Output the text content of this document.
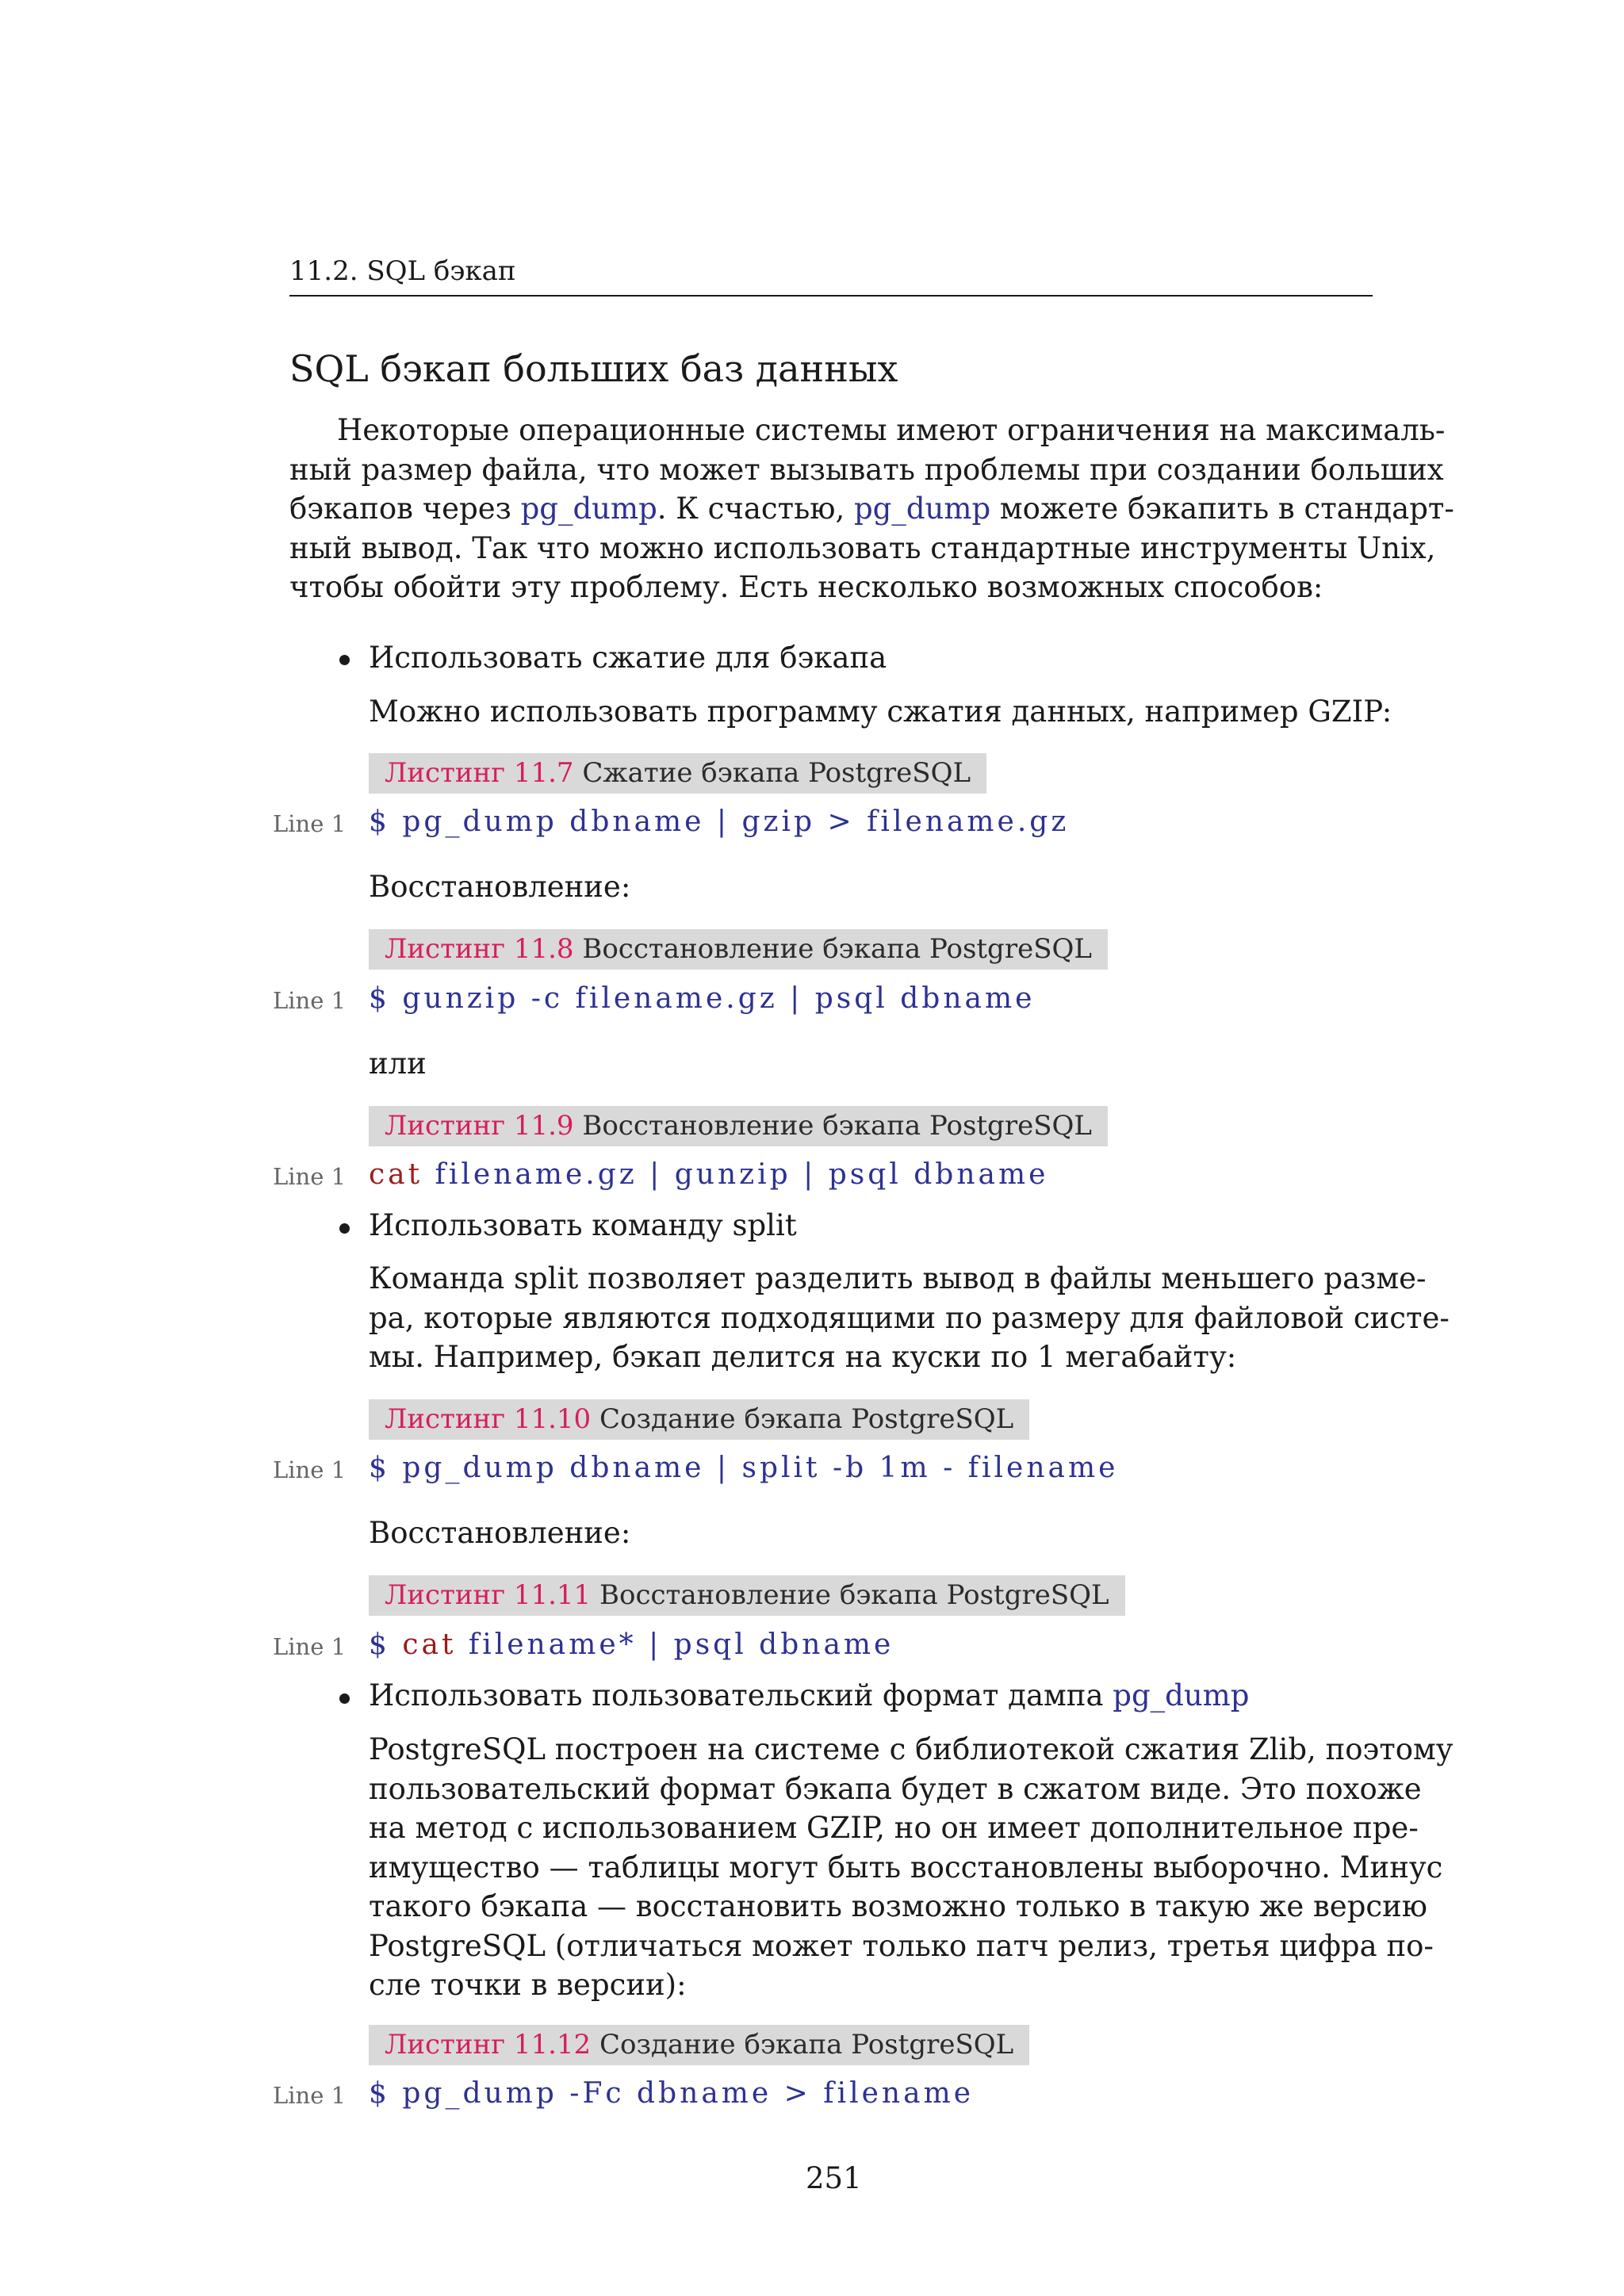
11.2. SQL бэкап
SQL бэкап больших баз данных
Некоторые операционные системы имеют ограничения на максималь-
ный размер файла, что может вызывать проблемы при создании больших
бэкапов через pg_dump. К счастью, pg_dump можете бэкапить в стандарт-
ный вывод. Так что можно использовать стандартные инструменты Unix,
чтобы обойти эту проблему. Есть несколько возможных способов:
Использовать сжатие для бэкапа
Можно использовать программу сжатия данных, например GZIP:
Листинг 11.7 Сжатие бэкапа PostgreSQL
Line 1 $ pg_dump dbname | gzip > filename.gz
Восстановление:
Листинг 11.8 Восстановление бэкапа PostgreSQL
Line 1 $ gunzip -c filename.gz | psql dbname
или
Листинг 11.9 Восстановление бэкапа PostgreSQL
Line 1 cat filename.gz | gunzip | psql dbname
Использовать команду split
Команда split позволяет разделить вывод в файлы меньшего разме-
ра, которые являются подходящими по размеру для файловой систе-
мы. Например, бэкап делится на куски по 1 мегабайту:
Листинг 11.10 Создание бэкапа PostgreSQL
Line 1 $ pg_dump dbname | split -b 1m - filename
Восстановление:
Листинг 11.11 Восстановление бэкапа PostgreSQL
Line 1 $ cat filename* | psql dbname
Использовать пользовательский формат дампа pg_dump
PostgreSQL построен на системе с библиотекой сжатия Zlib, поэтому
пользовательский формат бэкапа будет в сжатом виде. Это похоже
на метод с использованием GZIP, но он имеет дополнительное пре-
имущество — таблицы могут быть восстановлены выборочно. Минус
такого бэкапа — восстановить возможно только в такую же версию
PostgreSQL (отличаться может только патч релиз, третья цифра по-
сле точки в версии):
Листинг 11.12 Создание бэкапа PostgreSQL
Line 1 $ pg_dump -Fc dbname > filename
251
